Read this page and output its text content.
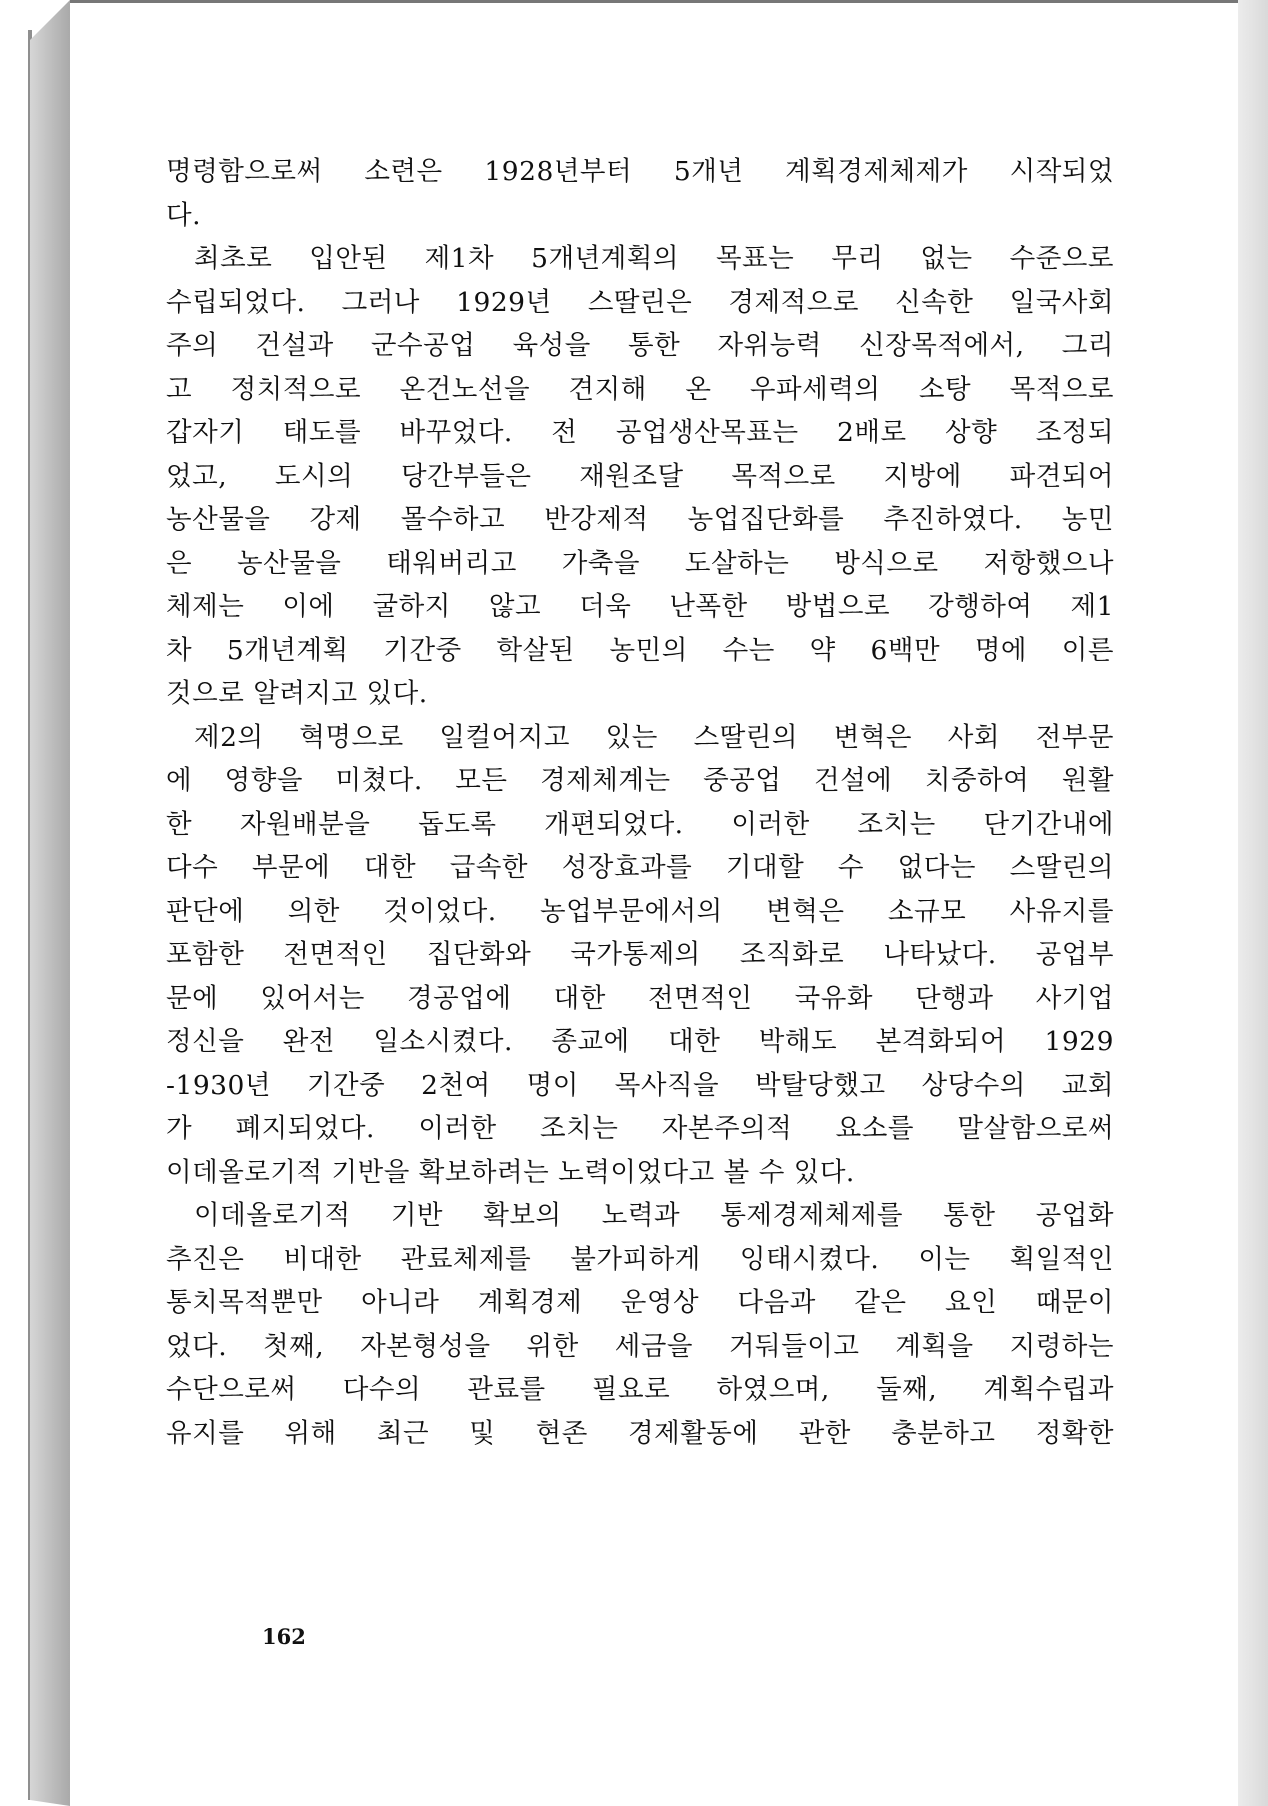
명령함으로써 소련은 1928년부터 5개년 계획경제체제가 시작되었
다.
최초로 입안된 제1차 5개년계획의 목표는 무리 없는 수준으로
수립되었다. 그러나 1929년 스딸린은 경제적으로 신속한 일국사회
주의 건설과 군수공업 육성을 통한 자위능력 신장목적에서, 그리
고 정치적으로 온건노선을 견지해 온 우파세력의 소탕 목적으로
갑자기 태도를 바꾸었다. 전 공업생산목표는 2배로 상향 조정되
었고, 도시의 당간부들은 재원조달 목적으로 지방에 파견되어
농산물을 강제 몰수하고 반강제적 농업집단화를 추진하였다. 농민
은 농산물을 태워버리고 가축을 도살하는 방식으로 저항했으나
체제는 이에 굴하지 않고 더욱 난폭한 방법으로 강행하여 제1
차 5개년계획 기간중 학살된 농민의 수는 약 6백만 명에 이른
것으로 알려지고 있다.
제2의 혁명으로 일컬어지고 있는 스딸린의 변혁은 사회 전부문
에 영향을 미쳤다. 모든 경제체계는 중공업 건설에 치중하여 원활
한 자원배분을 돕도록 개편되었다. 이러한 조치는 단기간내에
다수 부문에 대한 급속한 성장효과를 기대할 수 없다는 스딸린의
판단에 의한 것이었다. 농업부문에서의 변혁은 소규모 사유지를
포함한 전면적인 집단화와 국가통제의 조직화로 나타났다. 공업부
문에 있어서는 경공업에 대한 전면적인 국유화 단행과 사기업
정신을 완전 일소시켰다. 종교에 대한 박해도 본격화되어 1929
-1930년 기간중 2천여 명이 목사직을 박탈당했고 상당수의 교회
가 폐지되었다. 이러한 조치는 자본주의적 요소를 말살함으로써
이데올로기적 기반을 확보하려는 노력이었다고 볼 수 있다.
이데올로기적 기반 확보의 노력과 통제경제체제를 통한 공업화
추진은 비대한 관료체제를 불가피하게 잉태시켰다. 이는 획일적인
통치목적뿐만 아니라 계획경제 운영상 다음과 같은 요인 때문이
었다. 첫째, 자본형성을 위한 세금을 거둬들이고 계획을 지령하는
수단으로써 다수의 관료를 필요로 하였으며, 둘째, 계획수립과
유지를 위해 최근 및 현존 경제활동에 관한 충분하고 정확한
162
